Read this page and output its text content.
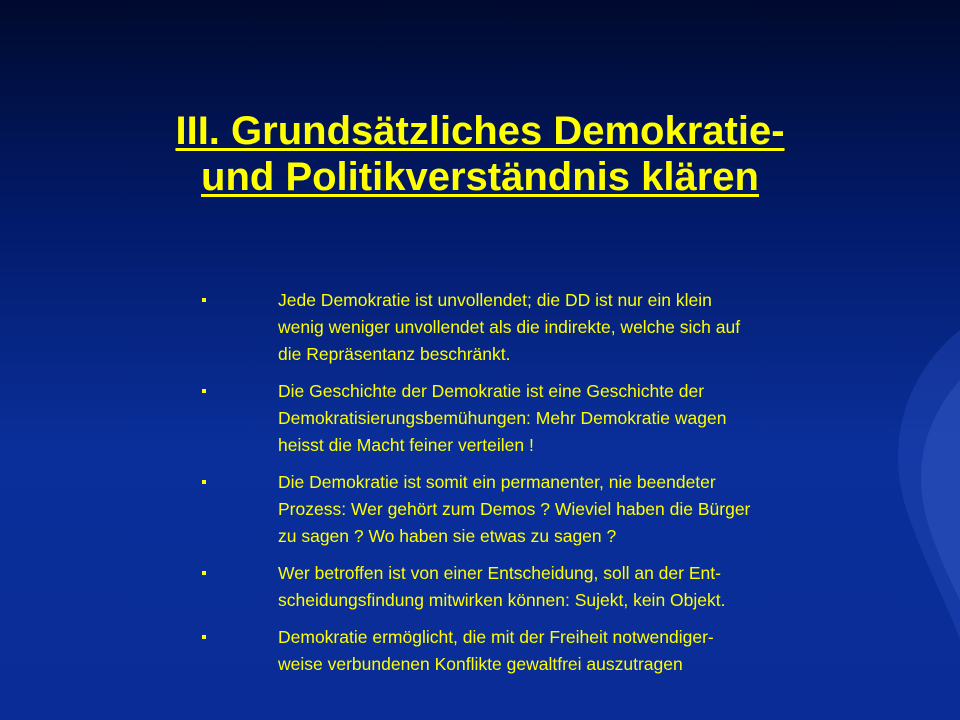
III. Grundsätzliches Demokratie-
und Politikverständnis klären
Jede Demokratie ist unvollendet; die DD ist nur ein klein
wenig weniger unvollendet als die indirekte, welche sich auf
die Repräsentanz beschränkt.
Die Geschichte der Demokratie ist eine Geschichte der
Demokratisierungsbemühungen: Mehr Demokratie wagen
heisst die Macht feiner verteilen !
Die Demokratie ist somit ein permanenter, nie beendeter
Prozess: Wer gehört zum Demos ? Wieviel haben die Bürger
zu sagen ? Wo haben sie etwas zu sagen ?
Wer betroffen ist von einer Entscheidung, soll an der Ent-
scheidungsfindung mitwirken können: Sujekt, kein Objekt.
Demokratie ermöglicht, die mit der Freiheit notwendiger-
weise verbundenen Konflikte gewaltfrei auszutragen
